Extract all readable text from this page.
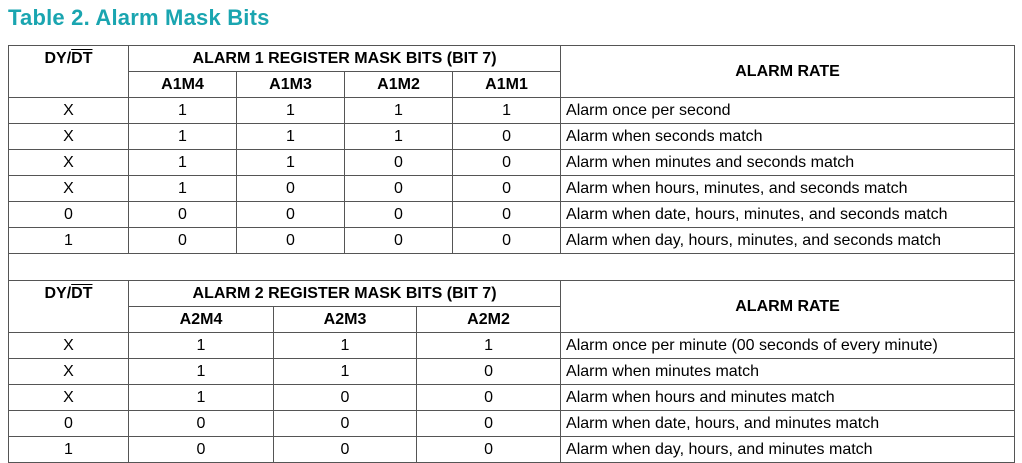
Table 2. Alarm Mask Bits
$DY/\overline{DT}$	ALARM 1 REGISTER MASK BITS (BIT 7)						ALARM RATE
	A1M4	A1M3		A1M2		A1M1	
X	1	1		1		1	Alarm once per second
X	1	1		1		0	Alarm when seconds match
X	1	1		0		0	Alarm when minutes and seconds match
X	1	0		0		0	Alarm when hours, minutes, and seconds match
0	0	0		0		0	Alarm when date, hours, minutes, and seconds match
1	0	0		0		0	Alarm when day, hours, minutes, and seconds match

$DY/\overline{DT}$	ALARM 2 REGISTER MASK BITS (BIT 7)						ALARM RATE
	A2M4		A2M3		A2M2		
X	1		1		1		Alarm once per minute (00 seconds of every minute)
X	1		1		0		Alarm when minutes match
X	1		0		0		Alarm when hours and minutes match
0	0		0		0		Alarm when date, hours, and minutes match
1	0		0		0		Alarm when day, hours, and minutes match
